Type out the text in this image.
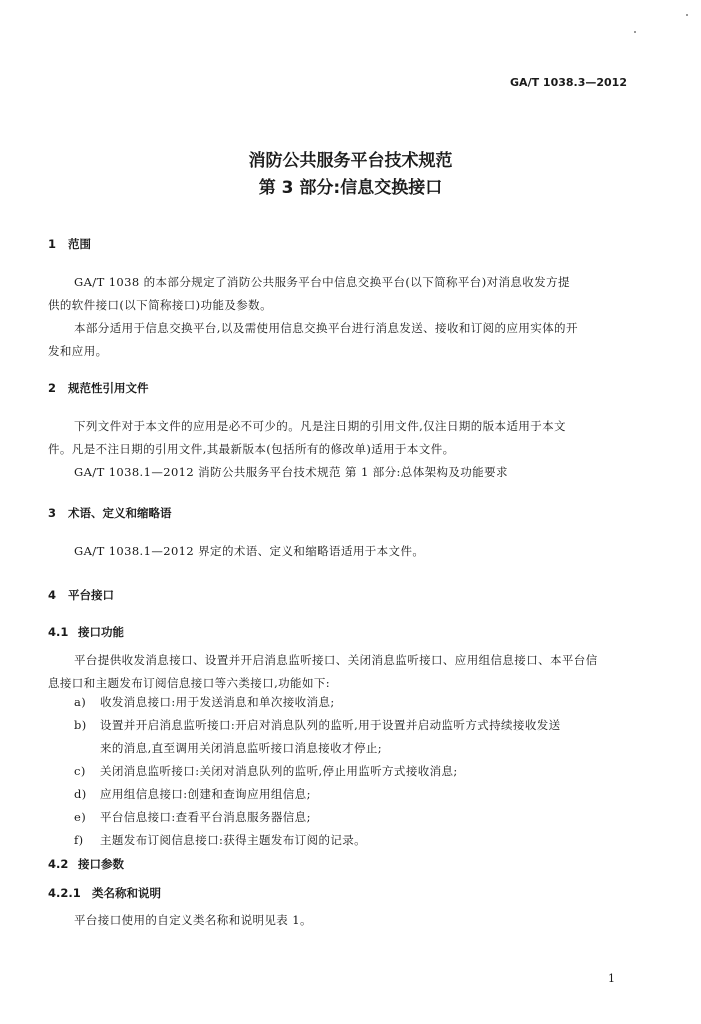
GA/T 1038.3—2012
消防公共服务平台技术规范
第 3 部分:信息交换接口
1 范围
GA/T 1038 的本部分规定了消防公共服务平台中信息交换平台(以下简称平台)对消息收发方提
供的软件接口(以下简称接口)功能及参数。
本部分适用于信息交换平台,以及需使用信息交换平台进行消息发送、接收和订阅的应用实体的开
发和应用。
2 规范性引用文件
下列文件对于本文件的应用是必不可少的。凡是注日期的引用文件,仅注日期的版本适用于本文
件。凡是不注日期的引用文件,其最新版本(包括所有的修改单)适用于本文件。
GA/T 1038.1—2012 消防公共服务平台技术规范 第 1 部分:总体架构及功能要求
3 术语、定义和缩略语
GA/T 1038.1—2012 界定的术语、定义和缩略语适用于本文件。
4 平台接口
4.1 接口功能
平台提供收发消息接口、设置并开启消息监听接口、关闭消息监听接口、应用组信息接口、本平台信
息接口和主题发布订阅信息接口等六类接口,功能如下:
a) 收发消息接口:用于发送消息和单次接收消息;
b) 设置并开启消息监听接口:开启对消息队列的监听,用于设置并启动监听方式持续接收发送
来的消息,直至调用关闭消息监听接口消息接收才停止;
c) 关闭消息监听接口:关闭对消息队列的监听,停止用监听方式接收消息;
d) 应用组信息接口:创建和查询应用组信息;
e) 平台信息接口:查看平台消息服务器信息;
f) 主题发布订阅信息接口:获得主题发布订阅的记录。
4.2 接口参数
4.2.1 类名称和说明
平台接口使用的自定义类名称和说明见表 1。
1
